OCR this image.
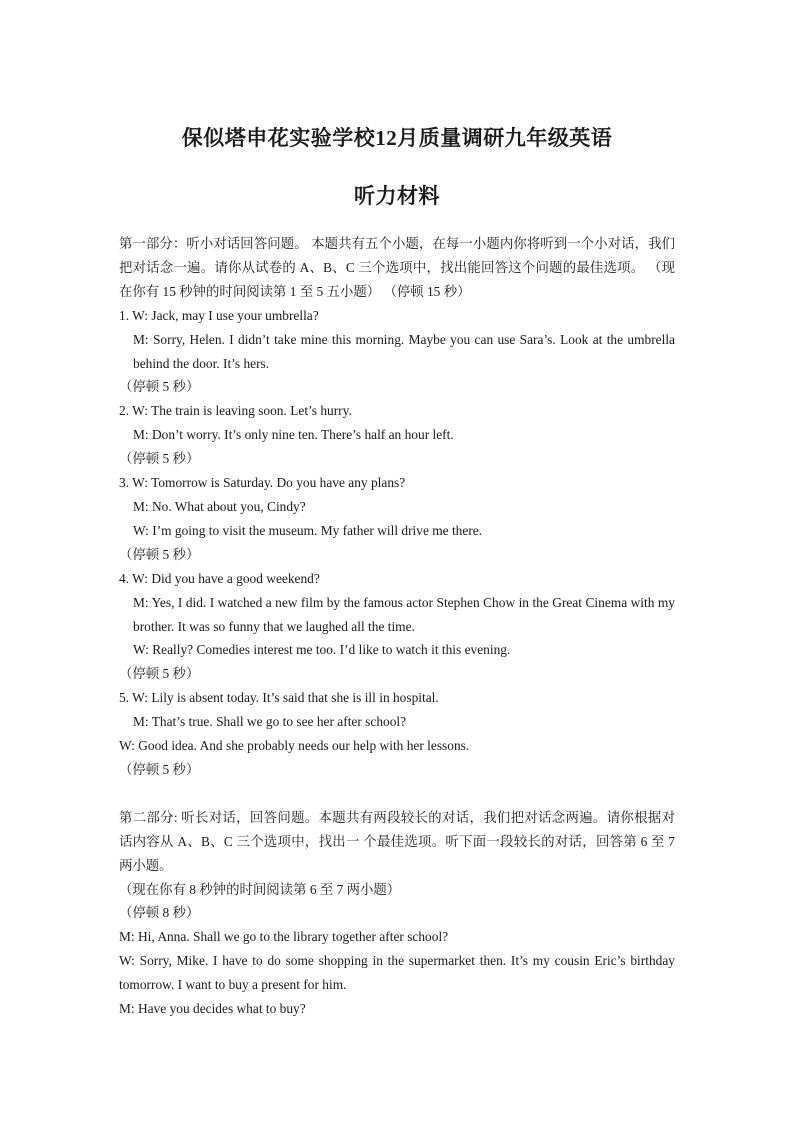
保似塔申花实验学校12月质量调研九年级英语
听力材料

第一部分：听小对话回答问题。 本题共有五个小题，在每一小题内你将听到一个小对话，我们把对话念一遍。请你从试卷的 A、B、C 三个选项中，找出能回答这个问题的最佳选项。 （现在你有 15 秒钟的时间阅读第 1 至 5 五小题） （停顿 15 秒）

1. W: Jack, may I use your umbrella?

M: Sorry, Helen. I didn’t take mine this morning. Maybe you can use Sara’s. Look at the umbrella behind the door. It’s hers.

（停顿 5 秒）

2. W: The train is leaving soon. Let’s hurry.

M: Don’t worry. It’s only nine ten. There’s half an hour left.

（停顿 5 秒）

3. W: Tomorrow is Saturday. Do you have any plans?

M: No. What about you, Cindy?

W: I’m going to visit the museum. My father will drive me there.

（停顿 5 秒）

4. W: Did you have a good weekend?

M: Yes, I did. I watched a new film by the famous actor Stephen Chow in the Great Cinema with my brother. It was so funny that we laughed all the time.

W: Really? Comedies interest me too. I’d like to watch it this evening.

（停顿 5 秒）

5. W: Lily is absent today. It’s said that she is ill in hospital.

M: That’s true. Shall we go to see her after school?

W: Good idea. And she probably needs our help with her lessons.

（停顿 5 秒）

第二部分: 听长对话，回答问题。本题共有两段较长的对话，我们把对话念两遍。请你根据对话内容从 A、B、C 三个选项中，找出一 个最佳选项。听下面一段较长的对话，回答第 6 至 7 两小题。

（现在你有 8 秒钟的时间阅读第 6 至 7 两小题）

（停顿 8 秒）

M: Hi, Anna. Shall we go to the library together after school?

W: Sorry, Mike. I have to do some shopping in the supermarket then. It’s my cousin Eric’s birthday tomorrow. I want to buy a present for him.

M: Have you decides what to buy?
